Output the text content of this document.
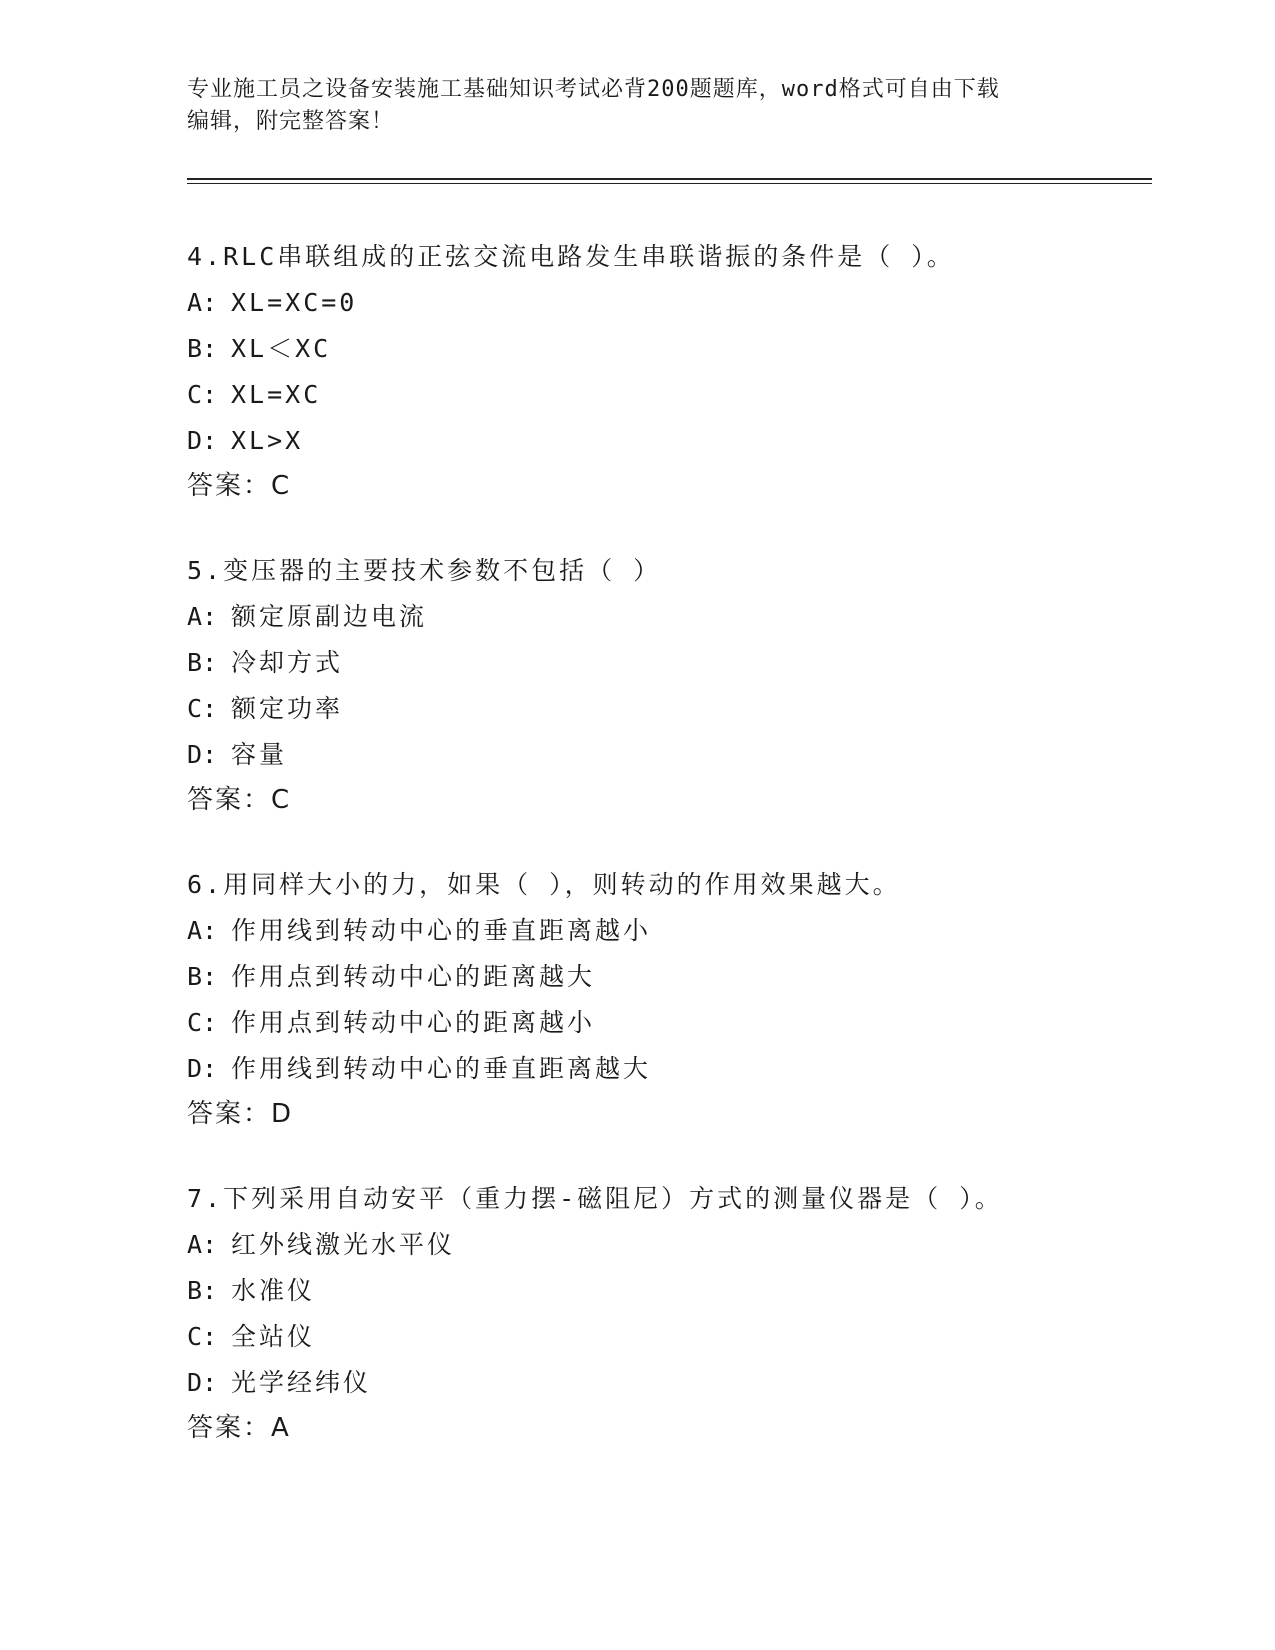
专业施工员之设备安装施工基础知识考试必背200题题库，word格式可自由下载
编辑，附完整答案！
4.RLC串联组成的正弦交流电路发生串联谐振的条件是（ ）。
A: XL=XC=0
B: XL＜XC
C: XL=XC
D: XL>X
答案：C
5.变压器的主要技术参数不包括（ ）
A: 额定原副边电流
B: 冷却方式
C: 额定功率
D: 容量
答案：C
6.用同样大小的力，如果（ ），则转动的作用效果越大。
A: 作用线到转动中心的垂直距离越小
B: 作用点到转动中心的距离越大
C: 作用点到转动中心的距离越小
D: 作用线到转动中心的垂直距离越大
答案：D
7.下列采用自动安平（重力摆-磁阻尼）方式的测量仪器是（ ）。
A: 红外线激光水平仪
B: 水准仪
C: 全站仪
D: 光学经纬仪
答案：A
